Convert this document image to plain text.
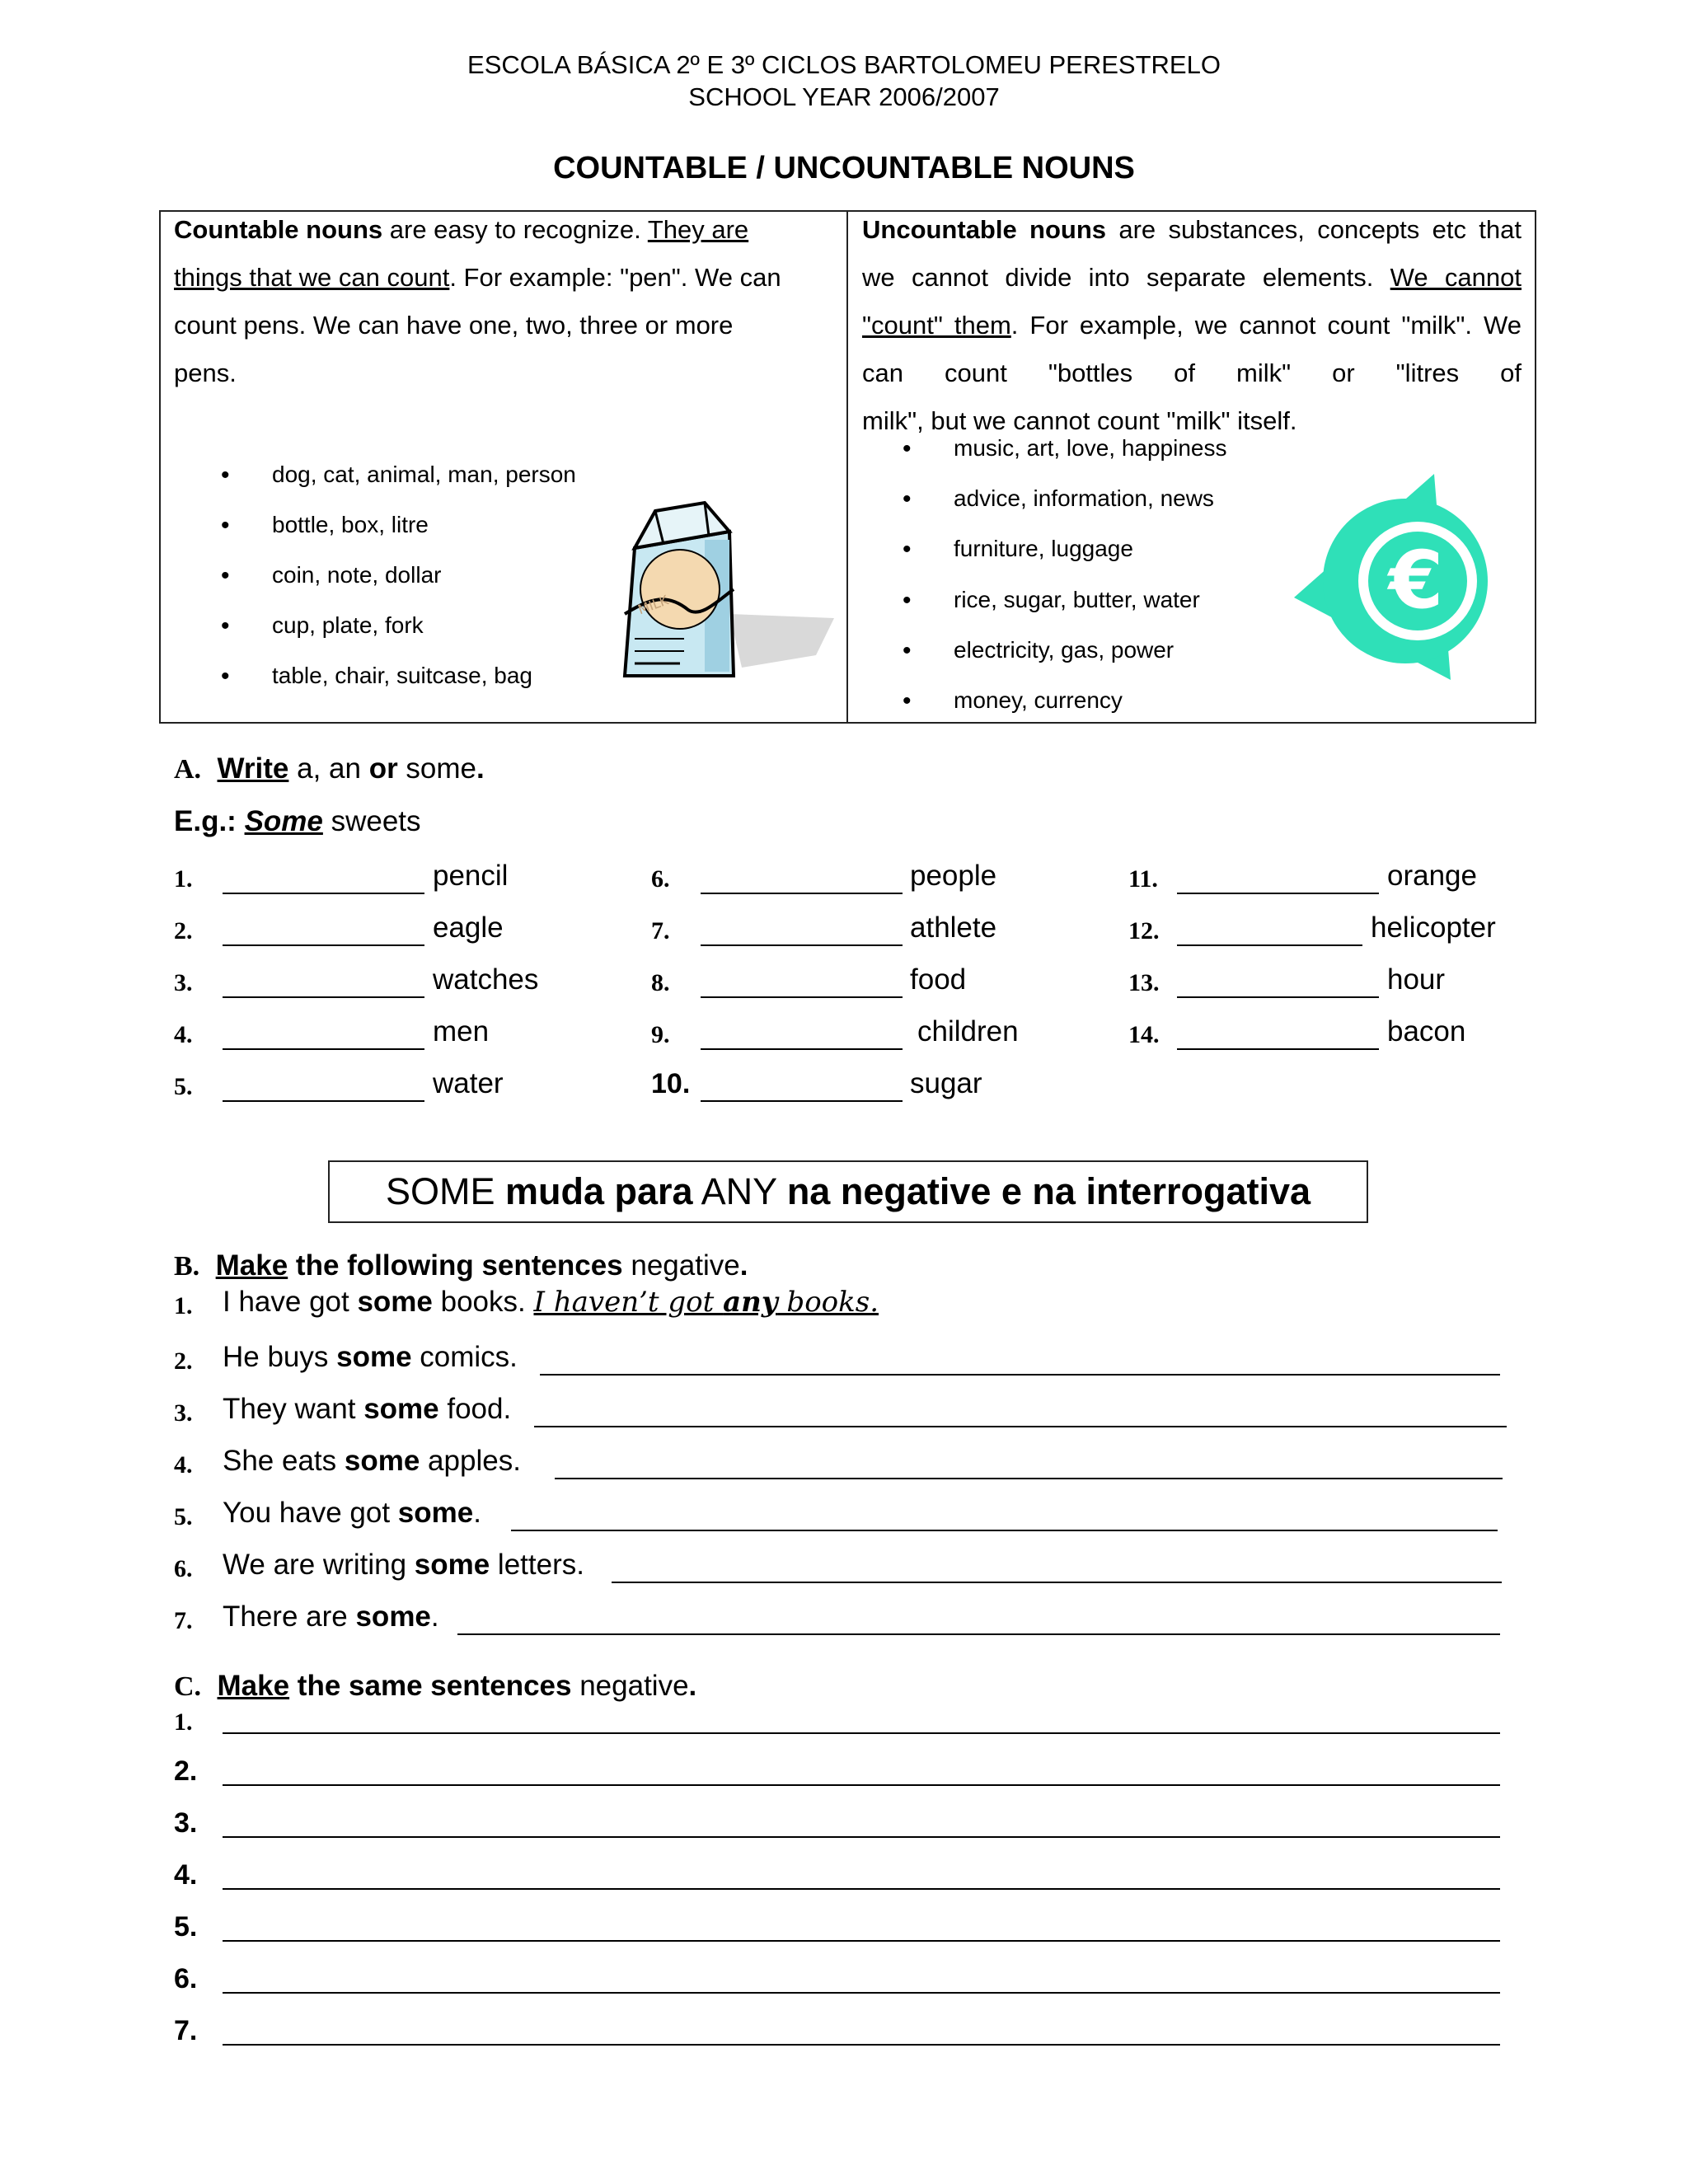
ESCOLA BÁSICA 2º E 3º CICLOS BARTOLOMEU PERESTRELO
SCHOOL YEAR 2006/2007
COUNTABLE / UNCOUNTABLE NOUNS
Countable nouns are easy to recognize. They are things that we can count. For example: "pen". We can count pens. We can have one, two, three or more pens.
Uncountable nouns are substances, concepts etc that we cannot divide into separate elements. We cannot "count" them. For example, we cannot count "milk". We can count "bottles of milk" or "litres of
milk", but we cannot count "milk" itself.
• dog, cat, animal, man, person
• bottle, box, litre
• coin, note, dollar
• cup, plate, fork
• table, chair, suitcase, bag
MILK
• music, art, love, happiness
• advice, information, news
• furniture, luggage
• rice, sugar, butter, water
• electricity, gas, power
• money, currency
€
A. Write a, an or some.
E.g.: Some sweets
1.	pencil
2.	eagle
3.	watches
4.	men
5.	water
6.	people
7.	athlete
8.	food
9.	children
10.	sugar
11.	orange
12.	helicopter
13.	hour
14.	bacon
SOME muda para ANY na negative e na interrogativa
B. Make the following sentences negative.
1. I have got some books. I haven’t got any books.
2. He buys some comics.
3. They want some food.
4. She eats some apples.
5. You have got some.
6. We are writing some letters.
7. There are some.
C. Make the same sentences negative.
1.
2.
3.
4.
5.
6.
7.
